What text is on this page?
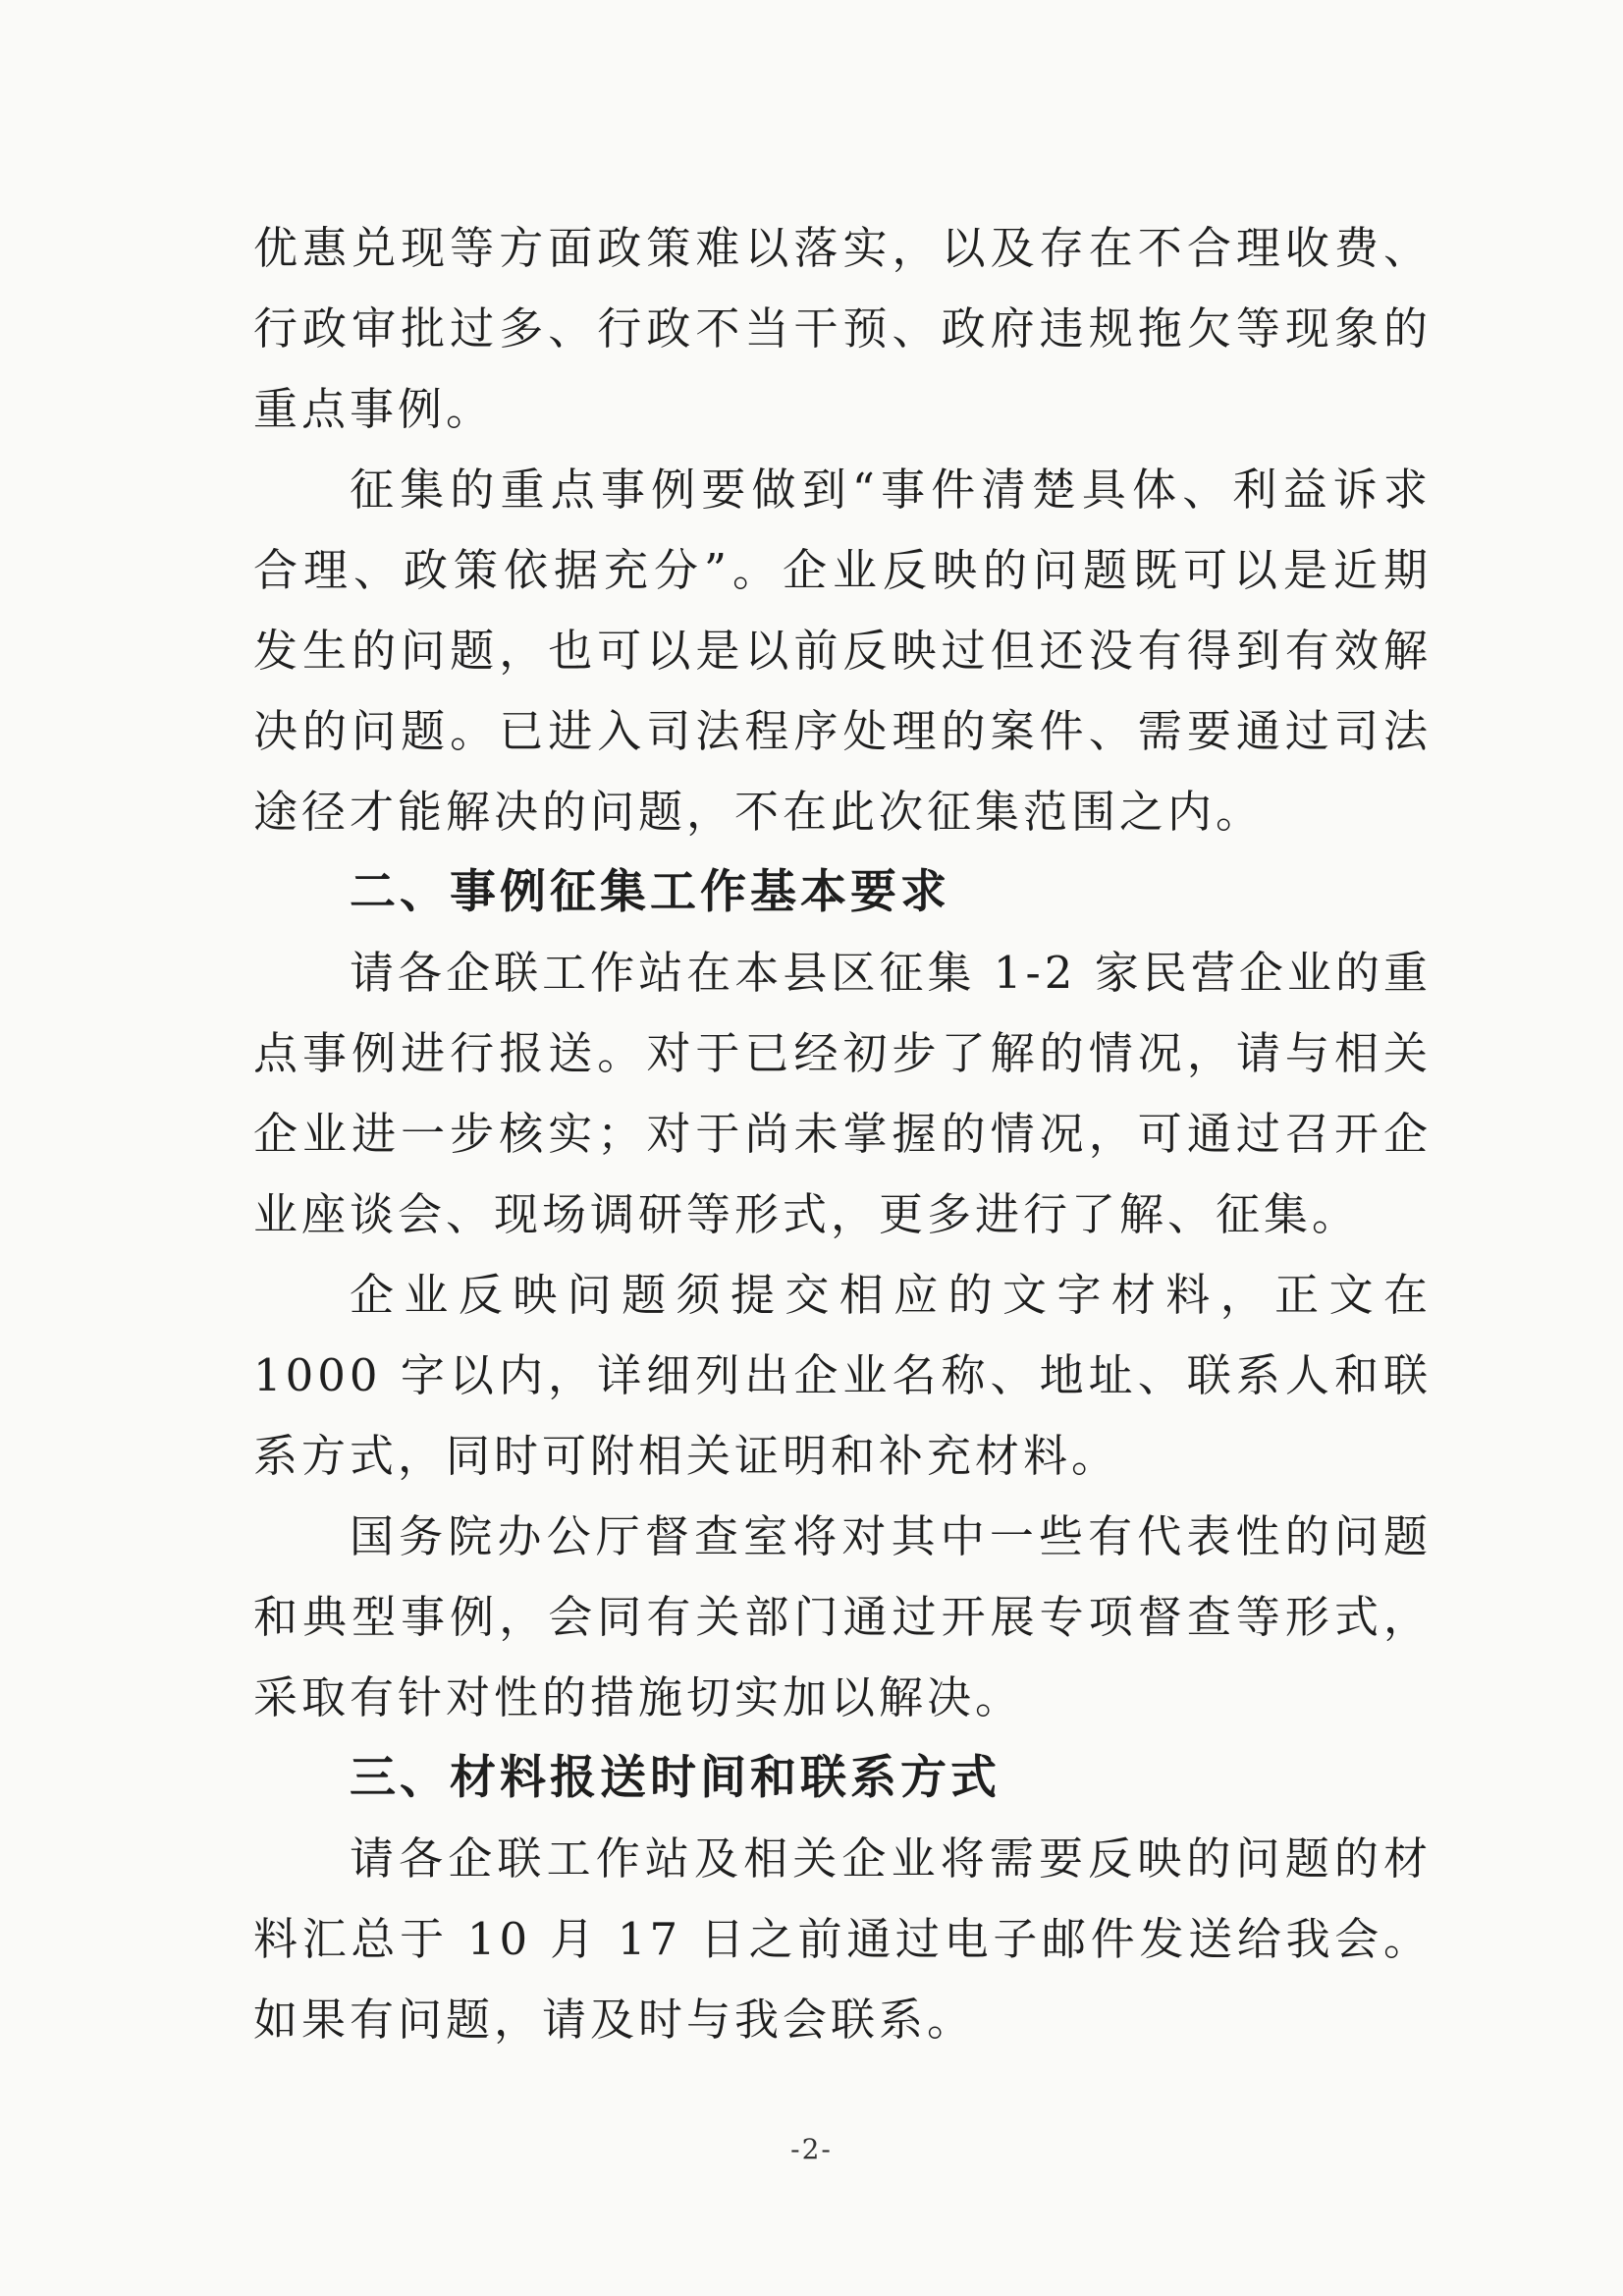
优惠兑现等方面政策难以落实，以及存在不合理收费、行政审批过多、行政不当干预、政府违规拖欠等现象的重点事例。

征集的重点事例要做到“事件清楚具体、利益诉求合理、政策依据充分”。企业反映的问题既可以是近期发生的问题，也可以是以前反映过但还没有得到有效解决的问题。已进入司法程序处理的案件、需要通过司法途径才能解决的问题，不在此次征集范围之内。

二、事例征集工作基本要求

请各企联工作站在本县区征集 1-2 家民营企业的重点事例进行报送。对于已经初步了解的情况，请与相关企业进一步核实；对于尚未掌握的情况，可通过召开企业座谈会、现场调研等形式，更多进行了解、征集。

企业反映问题须提交相应的文字材料，正文在 1000 字以内，详细列出企业名称、地址、联系人和联系方式，同时可附相关证明和补充材料。

国务院办公厅督查室将对其中一些有代表性的问题和典型事例，会同有关部门通过开展专项督查等形式，采取有针对性的措施切实加以解决。

三、材料报送时间和联系方式

请各企联工作站及相关企业将需要反映的问题的材料汇总于 10 月 17 日之前通过电子邮件发送给我会。如果有问题，请及时与我会联系。

-2-
